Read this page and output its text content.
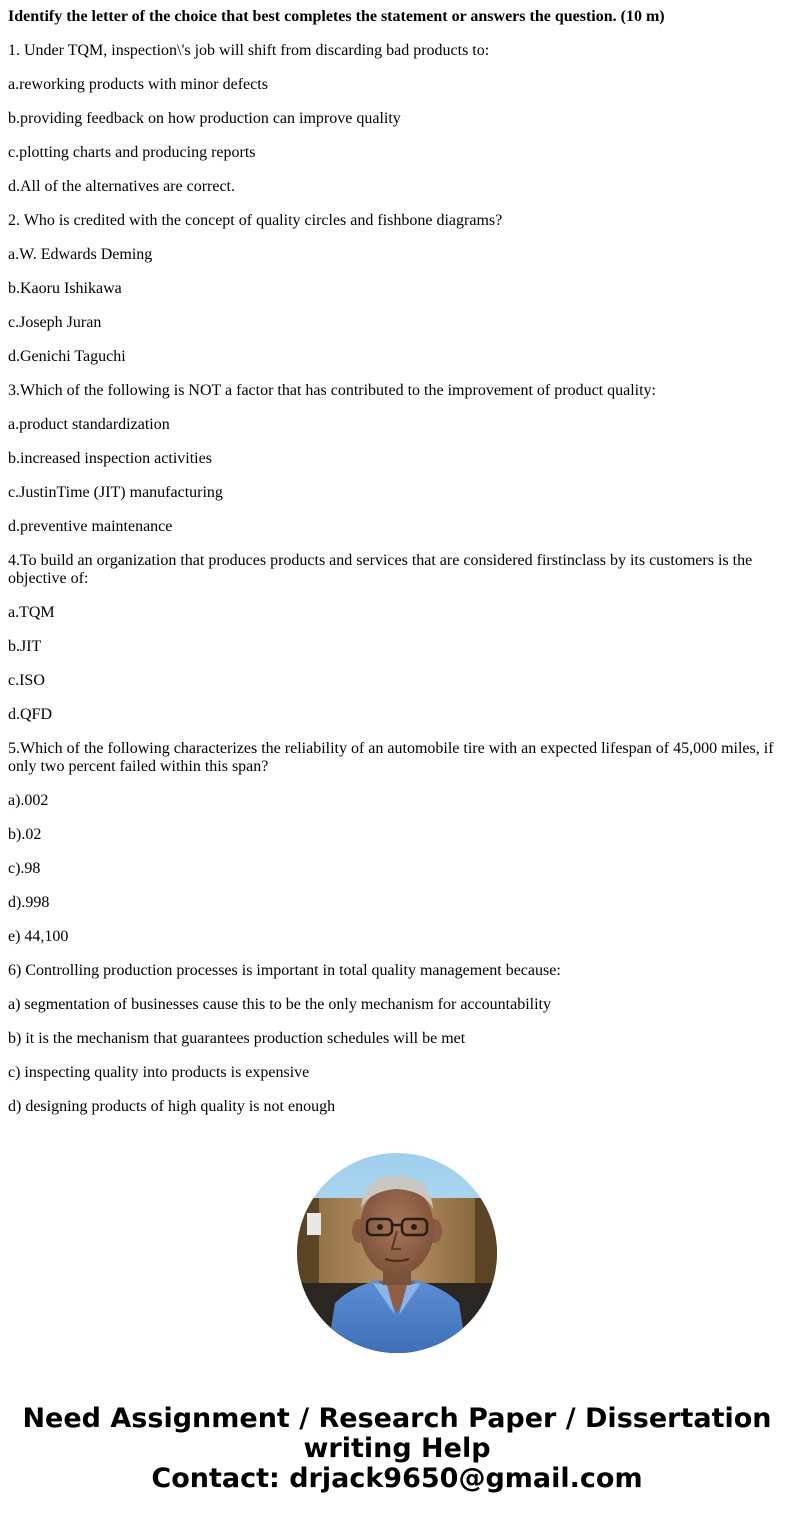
Identify the letter of the choice that best completes the statement or answers the question. (10 m)
1. Under TQM, inspection\'s job will shift from discarding bad products to:
a.reworking products with minor defects
b.providing feedback on how production can improve quality
c.plotting charts and producing reports
d.All of the alternatives are correct.
2. Who is credited with the concept of quality circles and fishbone diagrams?
a.W. Edwards Deming
b.Kaoru Ishikawa
c.Joseph Juran
d.Genichi Taguchi
3.Which of the following is NOT a factor that has contributed to the improvement of product quality:
a.product standardization
b.increased inspection activities
c.JustinTime (JIT) manufacturing
d.preventive maintenance
4.To build an organization that produces products and services that are considered firstinclass by its customers is the objective of:
a.TQM
b.JIT
c.ISO
d.QFD
5.Which of the following characterizes the reliability of an automobile tire with an expected lifespan of 45,000 miles, if only two percent failed within this span?
a).002
b).02
c).98
d).998
e) 44,100
6) Controlling production processes is important in total quality management because:
a) segmentation of businesses cause this to be the only mechanism for accountability
b) it is the mechanism that guarantees production schedules will be met
c) inspecting quality into products is expensive
d) designing products of high quality is not enough
Need Assignment / Research Paper / Dissertation
writing Help
Contact: drjack9650@gmail.com
